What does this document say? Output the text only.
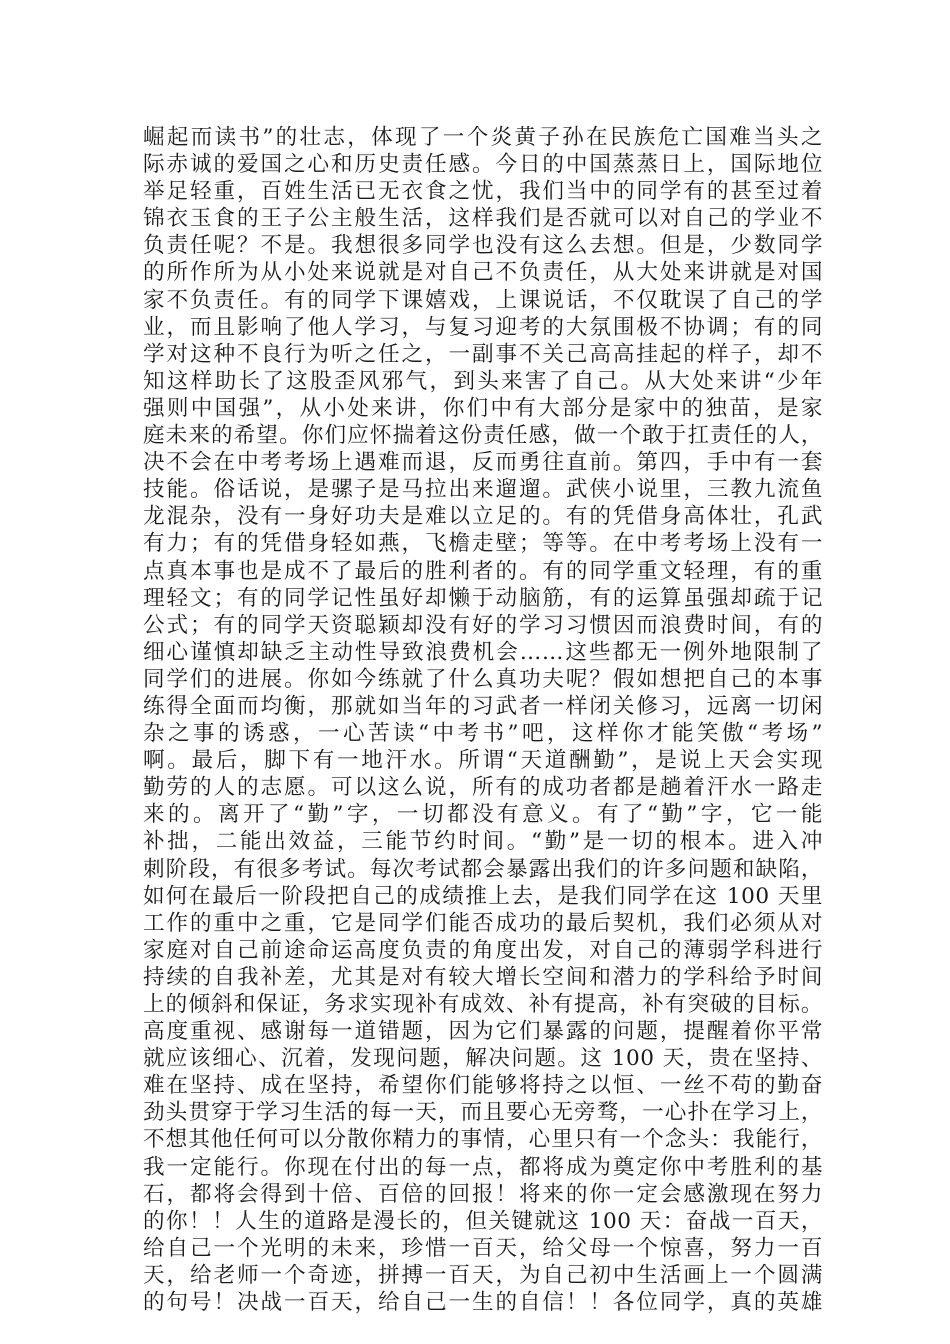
崛起而读书”的壮志，体现了一个炎黄子孙在民族危亡国难当头之
际赤诚的爱国之心和历史责任感。今日的中国蒸蒸日上，国际地位
举足轻重，百姓生活已无衣食之忧，我们当中的同学有的甚至过着
锦衣玉食的王子公主般生活，这样我们是否就可以对自己的学业不
负责任呢？不是。我想很多同学也没有这么去想。但是，少数同学
的所作所为从小处来说就是对自己不负责任，从大处来讲就是对国
家不负责任。有的同学下课嬉戏，上课说话，不仅耽误了自己的学
业，而且影响了他人学习，与复习迎考的大氛围极不协调；有的同
学对这种不良行为听之任之，一副事不关己高高挂起的样子，却不
知这样助长了这股歪风邪气，到头来害了自己。从大处来讲“少年
强则中国强”，从小处来讲，你们中有大部分是家中的独苗，是家
庭未来的希望。你们应怀揣着这份责任感，做一个敢于扛责任的人，
决不会在中考考场上遇难而退，反而勇往直前。第四，手中有一套
技能。俗话说，是骡子是马拉出来遛遛。武侠小说里，三教九流鱼
龙混杂，没有一身好功夫是难以立足的。有的凭借身高体壮，孔武
有力；有的凭借身轻如燕，飞檐走壁；等等。在中考考场上没有一
点真本事也是成不了最后的胜利者的。有的同学重文轻理，有的重
理轻文；有的同学记性虽好却懒于动脑筋，有的运算虽强却疏于记
公式；有的同学天资聪颖却没有好的学习习惯因而浪费时间，有的
细心谨慎却缺乏主动性导致浪费机会……这些都无一例外地限制了
同学们的进展。你如今练就了什么真功夫呢？假如想把自己的本事
练得全面而均衡，那就如当年的习武者一样闭关修习，远离一切闲
杂之事的诱惑，一心苦读“中考书”吧，这样你才能笑傲“考场”
啊。最后，脚下有一地汗水。所谓“天道酬勤”，是说上天会实现
勤劳的人的志愿。可以这么说，所有的成功者都是趟着汗水一路走
来的。离开了“勤”字，一切都没有意义。有了“勤”字，它一能
补拙，二能出效益，三能节约时间。“勤”是一切的根本。进入冲
刺阶段，有很多考试。每次考试都会暴露出我们的许多问题和缺陷，
如何在最后一阶段把自己的成绩推上去，是我们同学在这 100 天里
工作的重中之重，它是同学们能否成功的最后契机，我们必须从对
家庭对自己前途命运高度负责的角度出发，对自己的薄弱学科进行
持续的自我补差，尤其是对有较大增长空间和潜力的学科给予时间
上的倾斜和保证，务求实现补有成效、补有提高，补有突破的目标。
高度重视、感谢每一道错题，因为它们暴露的问题，提醒着你平常
就应该细心、沉着，发现问题，解决问题。这 100 天，贵在坚持、
难在坚持、成在坚持，希望你们能够将持之以恒、一丝不苟的勤奋
劲头贯穿于学习生活的每一天，而且要心无旁骛，一心扑在学习上，
不想其他任何可以分散你精力的事情，心里只有一个念头：我能行，
我一定能行。你现在付出的每一点，都将成为奠定你中考胜利的基
石，都将会得到十倍、百倍的回报！将来的你一定会感激现在努力
的你！！人生的道路是漫长的，但关键就这 100 天：奋战一百天，
给自己一个光明的未来，珍惜一百天，给父母一个惊喜，努力一百
天，给老师一个奇迹，拼搏一百天，为自己初中生活画上一个圆满
的句号！决战一百天，给自己一生的自信！！各位同学，真的英雄
